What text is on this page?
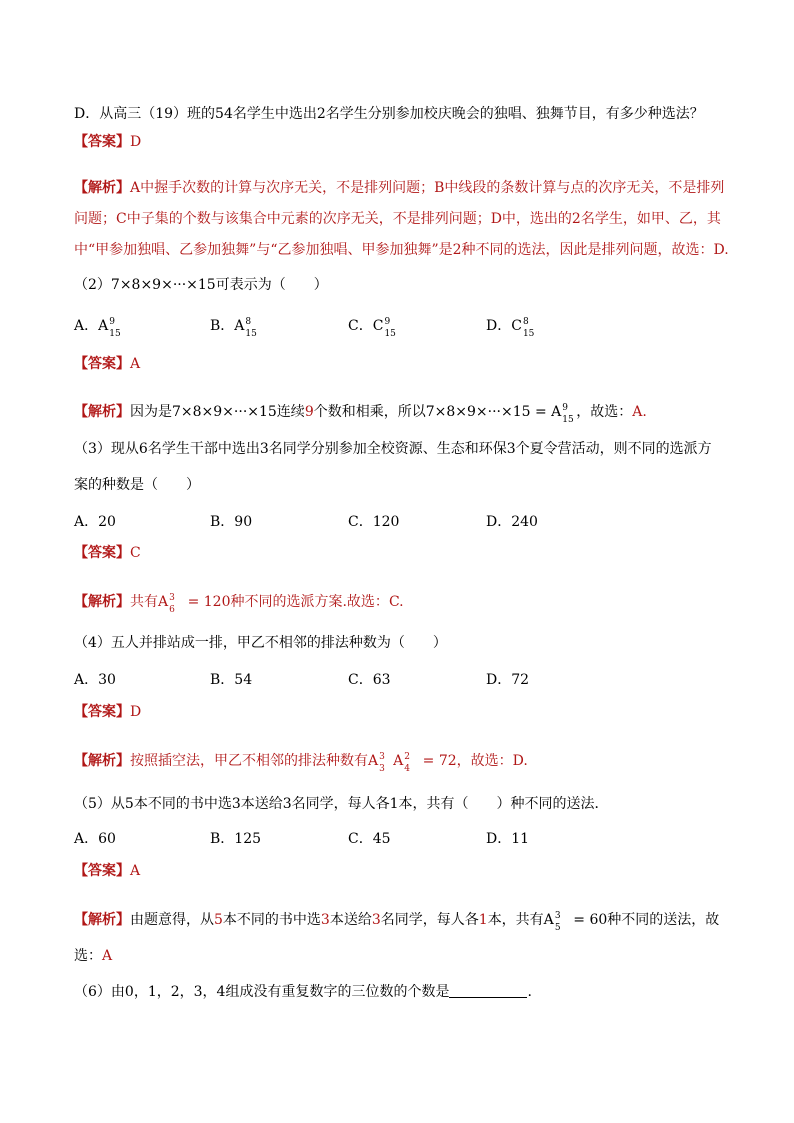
D．从高三（19）班的54名学生中选出2名学生分别参加校庆晚会的独唱、独舞节目，有多少种选法？
【答案】D
【解析】A中握手次数的计算与次序无关，不是排列问题；B中线段的条数计算与点的次序无关，不是排列
问题；C中子集的个数与该集合中元素的次序无关，不是排列问题；D中，选出的2名学生，如甲、乙，其
中“甲参加独唱、乙参加独舞”与“乙参加独唱、甲参加独舞”是2种不同的选法，因此是排列问题，故选：D.
（2）7×8×9×···×15可表示为（　　）
A．A 9
15	B．A 8
15	C．C 9
15	D．C 8
15
【答案】A
【解析】因为是7×8×9×···×15连续9个数和相乘，所以7×8×9×···×15 = A 9
15 ，故选：A.
（3）现从6名学生干部中选出3名同学分别参加全校资源、生态和环保3个夏令营活动，则不同的选派方
案的种数是（　　）
A．20	B．90	C．120	D．240
【答案】C
【解析】共有A 3
6 = 120种不同的选派方案.故选：C.
（4）五人并排站成一排，甲乙不相邻的排法种数为（　　）
A．30	B．54	C．63	D．72
【答案】D
【解析】按照插空法，甲乙不相邻的排法种数有A 3
3 A 2
4 = 72，故选：D.
（5）从5本不同的书中选3本送给3名同学，每人各1本，共有（　　）种不同的送法．
A．60	B．125	C．45	D．11
【答案】A
【解析】由题意得，从5本不同的书中选3本送给3名同学，每人各1本，共有A 3
5 = 60种不同的送法，故
选：A
（6）由0，1，2，3，4组成没有重复数字的三位数的个数是	.
